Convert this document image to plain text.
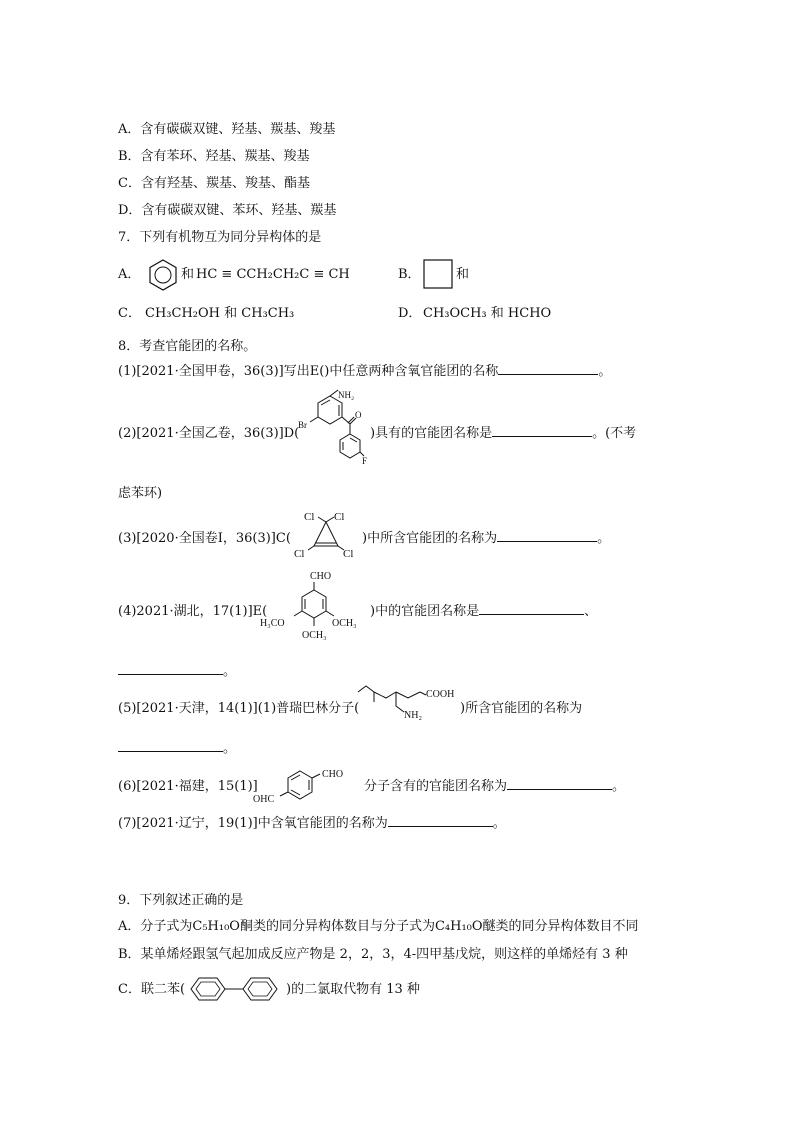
A．含有碳碳双键、羟基、羰基、羧基
B．含有苯环、羟基、羰基、羧基
C．含有羟基、羰基、羧基、酯基
D．含有碳碳双键、苯环、羟基、羰基
7．下列有机物互为同分异构体的是
A．	和 HC ≡ CCH₂CH₂C ≡ CH	B．	和
C． CH₃CH₂OH 和 CH₃CH₃	D． CH₃OCH₃ 和 HCHO
8．考查官能团的名称。
(1)[2021·全国甲卷，36(3)]写出E()中任意两种含氧官能团的名称	。
(2)[2021·全国乙卷，36(3)]D(
NH₂
Br
O
F
)具有的官能团名称是	。(不考
虑苯环)
(3)[2020·全国卷Ⅰ，36(3)]C(
Cl Cl
Cl	Cl
)中所含官能团的名称为	。
(4)2021·湖北，17(1)]E(
CHO
H₃CO	OCH₃
OCH₃
)中的官能团名称是	、
。
(5)[2021·天津，14(1)](1)普瑞巴林分子(
COOH
NH₂	)所含官能团的名称为
。
(6)[2021·福建，15(1)]
OHC
CHO
分子含有的官能团名称为	。
(7)[2021·辽宁，19(1)]中含氧官能团的名称为	。
9．下列叙述正确的是
A．分子式为C₅H₁₀O酮类的同分异构体数目与分子式为C₄H₁₀O醚类的同分异构体数目不同
B．某单烯烃跟氢气起加成反应产物是 2，2，3，4-四甲基戊烷，则这样的单烯烃有 3 种
C．联二苯(	)的二氯取代物有 13 种
